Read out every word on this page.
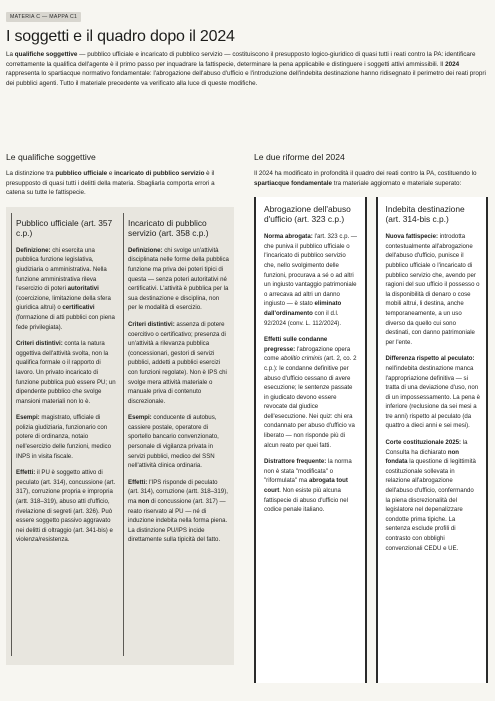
MATERIA C — MAPPA C1
I soggetti e il quadro dopo il 2024

La qualifiche soggettive — pubblico ufficiale e incaricato di pubblico servizio — costituiscono il presupposto logico-giuridico di quasi tutti i reati contro la PA: identificare correttamente la qualifica dell'agente è il primo passo per inquadrare la fattispecie, determinare la pena applicabile e distinguere i soggetti attivi ammissibili. Il 2024 rappresenta lo spartiacque normativo fondamentale: l'abrogazione dell'abuso d'ufficio e l'introduzione dell'indebita destinazione hanno ridisegnato il perimetro dei reati propri dei pubblici agenti. Tutto il materiale precedente va verificato alla luce di queste modifiche.

Le qualifiche soggettive

La distinzione tra pubblico ufficiale e incaricato di pubblico servizio è il presupposto di quasi tutti i delitti della materia. Sbagliarla comporta errori a catena su tutte le fattispecie.

Pubblico ufficiale (art. 357 c.p.)

Definizione: chi esercita una pubblica funzione legislativa, giudiziaria o amministrativa. Nella funzione amministrativa rileva l'esercizio di poteri autoritativi (coercizione, limitazione della sfera giuridica altrui) o certificativi (formazione di atti pubblici con piena fede privilegiata).

Criteri distintivi: conta la natura oggettiva dell'attività svolta, non la qualifica formale o il rapporto di lavoro. Un privato incaricato di funzione pubblica può essere PU; un dipendente pubblico che svolge mansioni materiali non lo è.

Esempi: magistrato, ufficiale di polizia giudiziaria, funzionario con potere di ordinanza, notaio nell'esercizio delle funzioni, medico INPS in visita fiscale.

Effetti: il PU è soggetto attivo di peculato (art. 314), concussione (art. 317), corruzione propria e impropria (artt. 318–319), abuso atti d'ufficio, rivelazione di segreti (art. 326). Può essere soggetto passivo aggravato nei delitti di oltraggio (art. 341-bis) e violenza/resistenza.

Incaricato di pubblico servizio (art. 358 c.p.)

Definizione: chi svolge un'attività disciplinata nelle forme della pubblica funzione ma priva dei poteri tipici di questa — senza poteri autoritativi né certificativi. L'attività è pubblica per la sua destinazione e disciplina, non per le modalità di esercizio.

Criteri distintivi: assenza di potere coercitivo o certificativo; presenza di un'attività a rilevanza pubblica (concessionari, gestori di servizi pubblici, addetti a pubblici esercizi con funzioni regolate). Non è IPS chi svolge mera attività materiale o manuale priva di contenuto discrezionale.

Esempi: conducente di autobus, cassiere postale, operatore di sportello bancario convenzionato, personale di vigilanza privata in servizi pubblici, medico del SSN nell'attività clinica ordinaria.

Effetti: l'IPS risponde di peculato (art. 314), corruzione (artt. 318–319), ma non di concussione (art. 317) — reato riservato al PU — né di induzione indebita nella forma piena. La distinzione PU/IPS incide direttamente sulla tipicità del fatto.

Le due riforme del 2024

Il 2024 ha modificato in profondità il quadro dei reati contro la PA, costituendo lo spartiacque fondamentale tra materiale aggiornato e materiale superato:

Abrogazione dell'abuso d'ufficio (art. 323 c.p.)

Norma abrogata: l'art. 323 c.p. — che puniva il pubblico ufficiale o l'incaricato di pubblico servizio che, nello svolgimento delle funzioni, procurava a sé o ad altri un ingiusto vantaggio patrimoniale o arrecava ad altri un danno ingiusto — è stato eliminato dall'ordinamento con il d.l. 92/2024 (conv. L. 112/2024).

Effetti sulle condanne pregresse: l'abrogazione opera come abolitio criminis (art. 2, co. 2 c.p.): le condanne definitive per abuso d'ufficio cessano di avere esecuzione; le sentenze passate in giudicato devono essere revocate dal giudice dell'esecuzione. Nei quiz: chi era condannato per abuso d'ufficio va liberato — non risponde più di alcun reato per quei fatti.

Distrattore frequente: la norma non è stata "modificata" o "riformulata" ma abrogata tout court. Non esiste più alcuna fattispecie di abuso d'ufficio nel codice penale italiano.

Indebita destinazione (art. 314-bis c.p.)

Nuova fattispecie: introdotta contestualmente all'abrogazione dell'abuso d'ufficio, punisce il pubblico ufficiale o l'incaricato di pubblico servizio che, avendo per ragioni del suo ufficio il possesso o la disponibilità di denaro o cose mobili altrui, li destina, anche temporaneamente, a un uso diverso da quello cui sono destinati, con danno patrimoniale per l'ente.

Differenza rispetto al peculato: nell'indebita destinazione manca l'appropriazione definitiva — si tratta di una deviazione d'uso, non di un impossessamento. La pena è inferiore (reclusione da sei mesi a tre anni) rispetto al peculato (da quattro a dieci anni e sei mesi).

Corte costituzionale 2025: la Consulta ha dichiarato non fondata la questione di legittimità costituzionale sollevata in relazione all'abrogazione dell'abuso d'ufficio, confermando la piena discrezionalità del legislatore nel depenalizzare condotte prima tipiche. La sentenza esclude profili di contrasto con obblighi convenzionali CEDU e UE.
